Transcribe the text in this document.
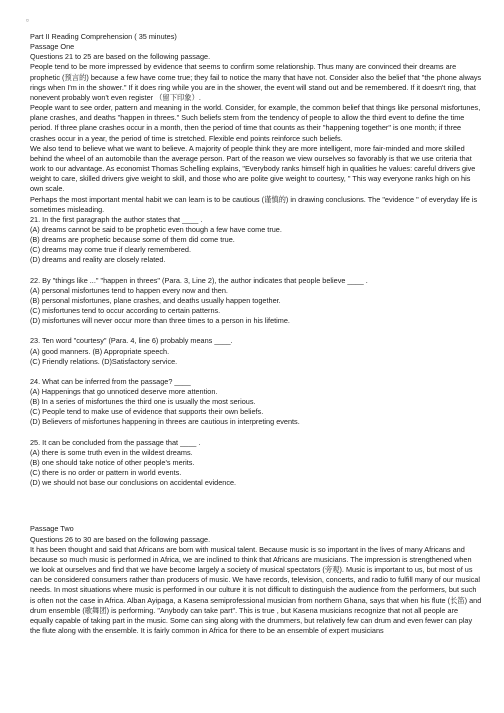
¤

Part II Reading Comprehension ( 35 minutes)

Passage One

Questions 21 to 25 are based on the following passage.

People tend to be more impressed by evidence that seems to confirm some relationship. Thus many are convinced their dreams are prophetic (预言的) because a few have come true; they fail to notice the many that have not. Consider also the belief that "the phone always rings when I'm in the shower." If it does ring while you are in the shower, the event will stand out and be remembered. If it doesn't ring, that nonevent probably won't even register （留下印象）.

People want to see order, pattern and meaning in the world. Consider, for example, the common belief that things like personal misfortunes, plane crashes, and deaths "happen in threes." Such beliefs stem from the tendency of people to allow the third event to define the time period. If three plane crashes occur in a month, then the period of time that counts as their "happening together" is one month; if three crashes occur in a year, the period of time is stretched. Flexible end points reinforce such beliefs.

We also tend to believe what we want to believe. A majority of people think they are more intelligent, more fair-minded and more skilled behind the wheel of an automobile than the average person. Part of the reason we view ourselves so favorably is that we use criteria that work to our advantage. As economist Thomas Schelling explains, "Everybody ranks himself high in qualities he values: careful drivers give weight to care, skilled drivers give weight to skill, and those who are polite give weight to courtesy, " This way everyone ranks high on his own scale.

Perhaps the most important mental habit we can learn is to be cautious (谨慎的) in drawing conclusions. The "evidence " of everyday life is sometimes misleading.

21. In the first paragraph the author states that ____ .

(A) dreams cannot be said to be prophetic even though a few have come true.

(B) dreams are prophetic because some of them did come true.

(C) dreams may come true if clearly remembered.

(D) dreams and reality are closely related.

22. By "things like ..." "happen in threes" (Para. 3, Line 2), the author indicates that people believe ____ .

(A) personal misfortunes tend to happen every now and then.

(B) personal misfortunes, plane crashes, and deaths usually happen together.

(C) misfortunes tend to occur according to certain patterns.

(D) misfortunes will never occur more than three times to a person in his lifetime.

23. Ten word "courtesy" (Para. 4, line 6) probably means ____.

(A) good manners. (B) Appropriate speech.

(C) Friendly relations. (D)Satisfactory service.

24. What can be inferred from the passage? ____

(A) Happenings that go unnoticed deserve more attention.

(B) In a series of misfortunes the third one is usually the most serious.

(C) People tend to make use of evidence that supports their own beliefs.

(D) Believers of misfortunes happening in threes are cautious in interpreting events.

25. It can be concluded from the passage that ____ .

(A) there is some truth even in the wildest dreams.

(B) one should take notice of other people's merits.

(C) there is no order or pattern in world events.

(D) we should not base our conclusions on accidental evidence.

Passage Two

Questions 26 to 30 are based on the following passage.

It has been thought and said that Africans are born with musical talent. Because music is so important in the lives of many Africans and because so much music is performed in Africa, we are inclined to think that Africans are musicians. The impression is strengthened when we look at ourselves and find that we have become largely a society of musical spectators (旁观). Music is important to us, but most of us can be considered consumers rather than producers of music. We have records, television, concerts, and radio to fulfill many of our musical needs. In most situations where music is performed in our culture it is not difficult to distinguish the audience from the performers, but such is often not the case in Africa. Alban Ayipaga, a Kasena semiprofessional musician from northern Ghana, says that when his flute (长笛) and drum ensemble (歌舞团) is performing. "Anybody can take part". This is true , but Kasena musicians recognize that not all people are equally capable of taking part in the music. Some can sing along with the drummers, but relatively few can drum and even fewer can play the flute along with the ensemble. It is fairly common in Africa for there to be an ensemble of expert musicians
